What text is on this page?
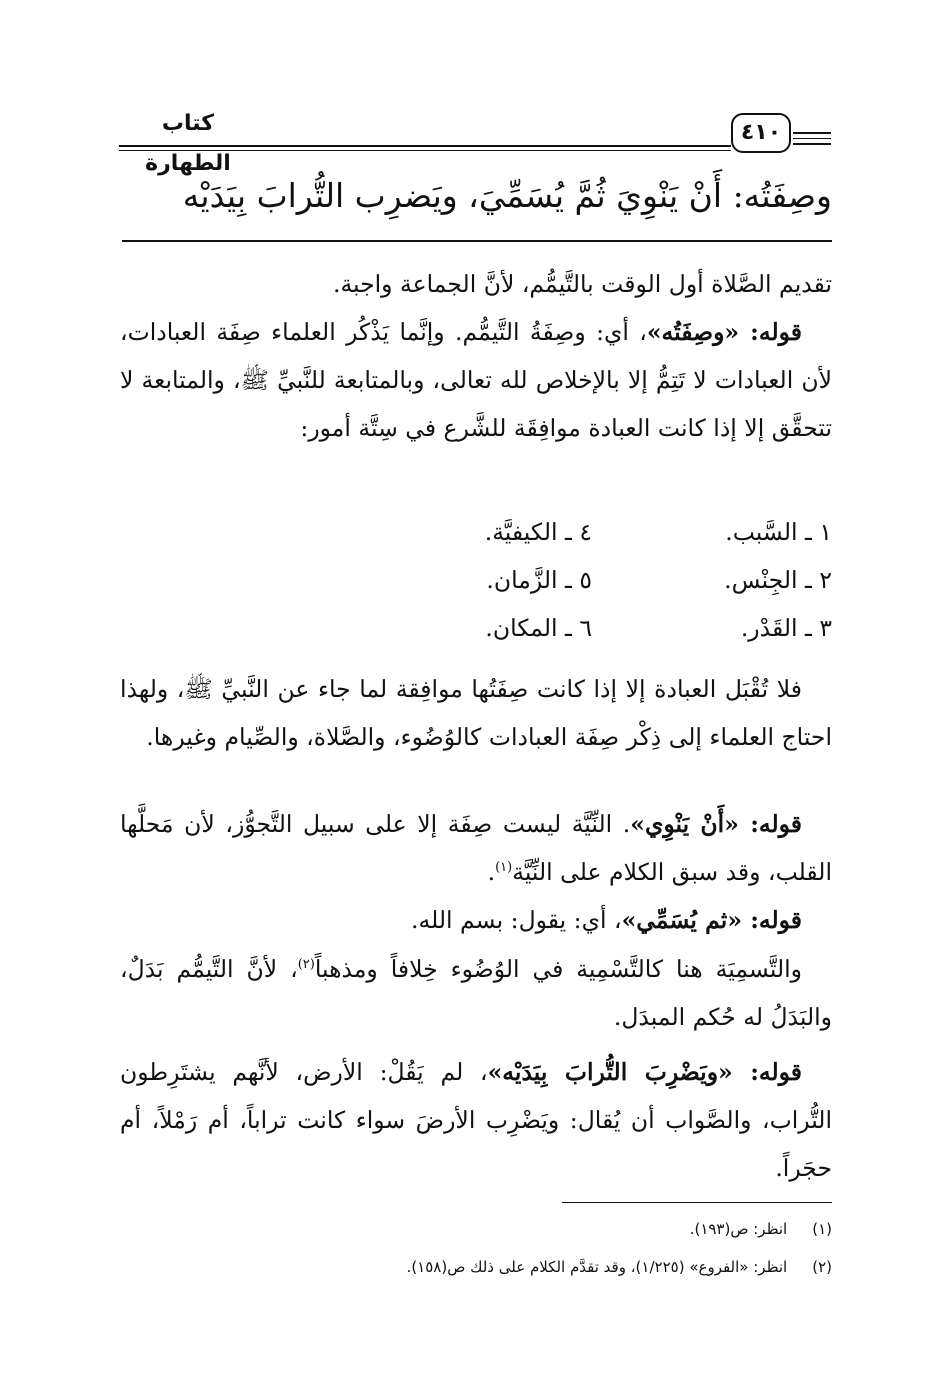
كتاب الطهارة
٤١٠
وصِفَتُه: أَنْ يَنْوِيَ ثُمَّ يُسَمِّيَ، ويَضرِب التُّرابَ بِيَدَيْه
تقديم الصَّلاة أول الوقت بالتَّيمُّم، لأنَّ الجماعة واجبة.
قوله: «وصِفَتُه»، أي: وصِفَةُ التَّيمُّم. وإنَّما يَذْكُر العلماء صِفَة العبادات، لأن العبادات لا تَتِمُّ إلا بالإخلاص لله تعالى، وبالمتابعة للنَّبيِّ ﷺ، والمتابعة لا تتحقَّق إلا إذا كانت العبادة موافِقَة للشَّرع في سِتَّة أمور:
١ ـ السَّبب.
٢ ـ الجِنْس.
٣ ـ القَدْر.
٤ ـ الكيفيَّة.
٥ ـ الزَّمان.
٦ ـ المكان.
فلا تُقْبَل العبادة إلا إذا كانت صِفَتُها موافِقة لما جاء عن النَّبيِّ ﷺ، ولهذا احتاج العلماء إلى ذِكْر صِفَة العبادات كالوُضُوء، والصَّلاة، والصِّيام وغيرها.
قوله: «أَنْ يَنْوِي». النِّيَّة ليست صِفَة إلا على سبيل التَّجوُّز، لأن مَحلَّها القلب، وقد سبق الكلام على النِّيَّة$^{(١)}$.
قوله: «ثم يُسَمِّي»، أي: يقول: بسم الله.
والتَّسمِيَة هنا كالتَّسْمِية في الوُضُوء خِلافاً ومذهباً$^{(٢)}$، لأنَّ التَّيمُّم بَدَلٌ، والبَدَلُ له حُكم المبدَل.
قوله: «ويَضْرِبَ التُّرابَ بِيَدَيْه»، لم يَقُلْ: الأرض، لأنَّهم يشتَرِطون التُّراب، والصَّواب أن يُقال: ويَضْرِب الأرضَ سواء كانت تراباً، أم رَمْلاً، أم حجَراً.
(١) انظر: ص(١٩٣).
(٢) انظر: «الفروع» (١/٢٢٥)، وقد تقدَّم الكلام على ذلك ص(١٥٨).
